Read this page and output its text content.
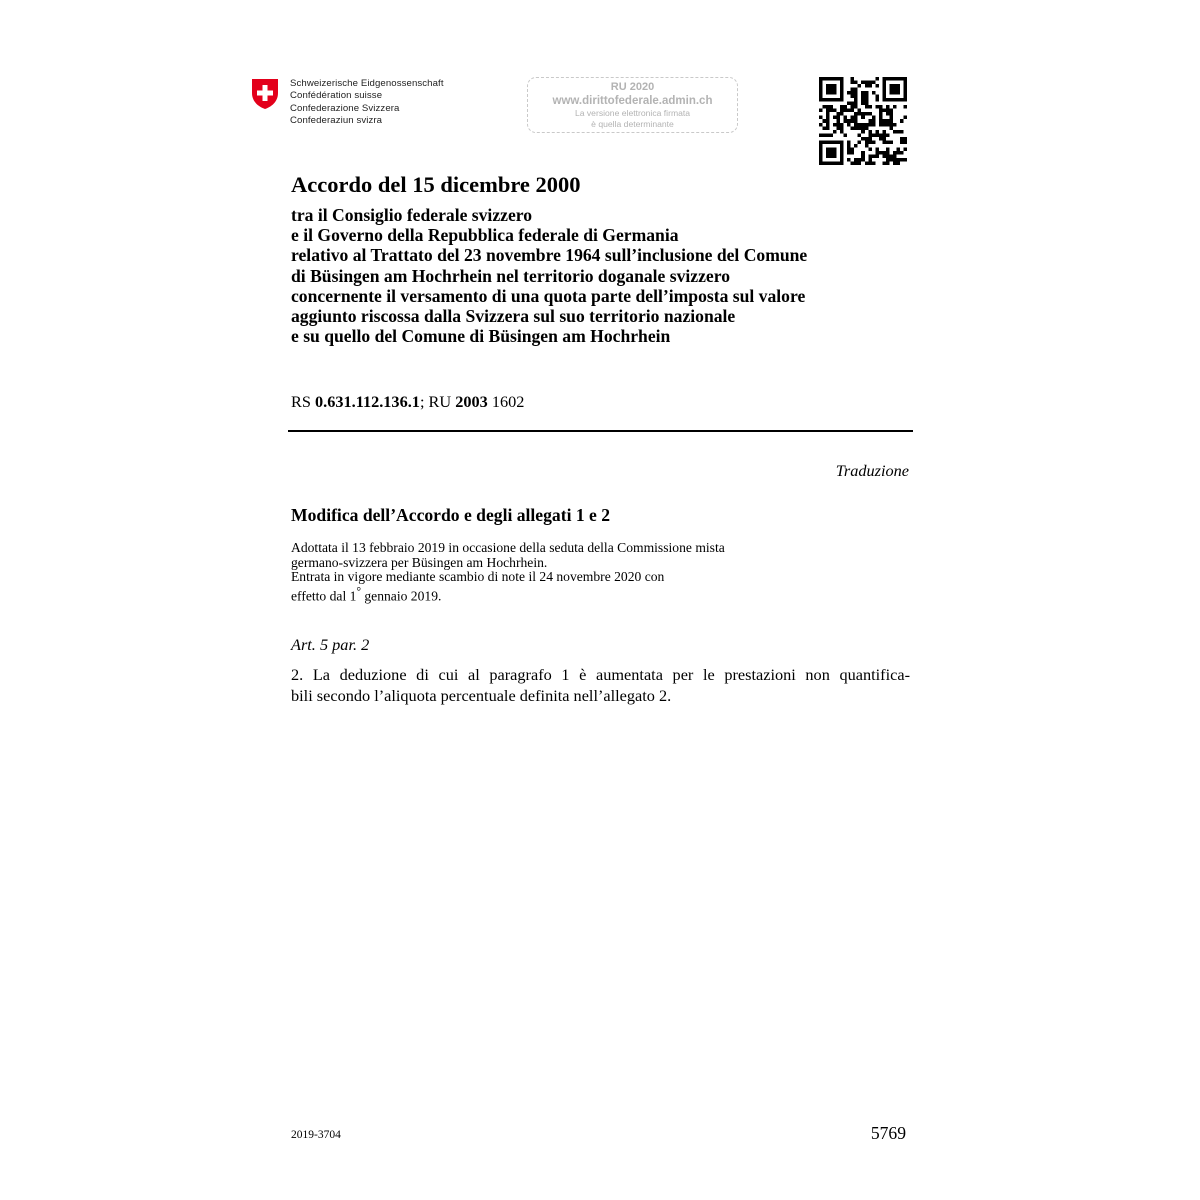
Schweizerische Eidgenossenschaft
Confédération suisse
Confederazione Svizzera
Confederaziun svizra
RU 2020
www.dirittofederale.admin.ch
La versione elettronica firmata
è quella determinante
Accordo del 15 dicembre 2000
tra il Consiglio federale svizzero
e il Governo della Repubblica federale di Germania
relativo al Trattato del 23 novembre 1964 sull’inclusione del Comune
di Büsingen am Hochrhein nel territorio doganale svizzero
concernente il versamento di una quota parte dell’imposta sul valore
aggiunto riscossa dalla Svizzera sul suo territorio nazionale
e su quello del Comune di Büsingen am Hochrhein
RS 0.631.112.136.1; RU 2003 1602
Traduzione
Modifica dell’Accordo e degli allegati 1 e 2
Adottata il 13 febbraio 2019 in occasione della seduta della Commissione mista
germano-svizzera per Büsingen am Hochrhein.
Entrata in vigore mediante scambio di note il 24 novembre 2020 con
effetto dal 1° gennaio 2019.
Art. 5 par. 2
2. La deduzione di cui al paragrafo 1 è aumentata per le prestazioni non quantifica-
bili secondo l’aliquota percentuale definita nell’allegato 2.
2019-3704	5769
